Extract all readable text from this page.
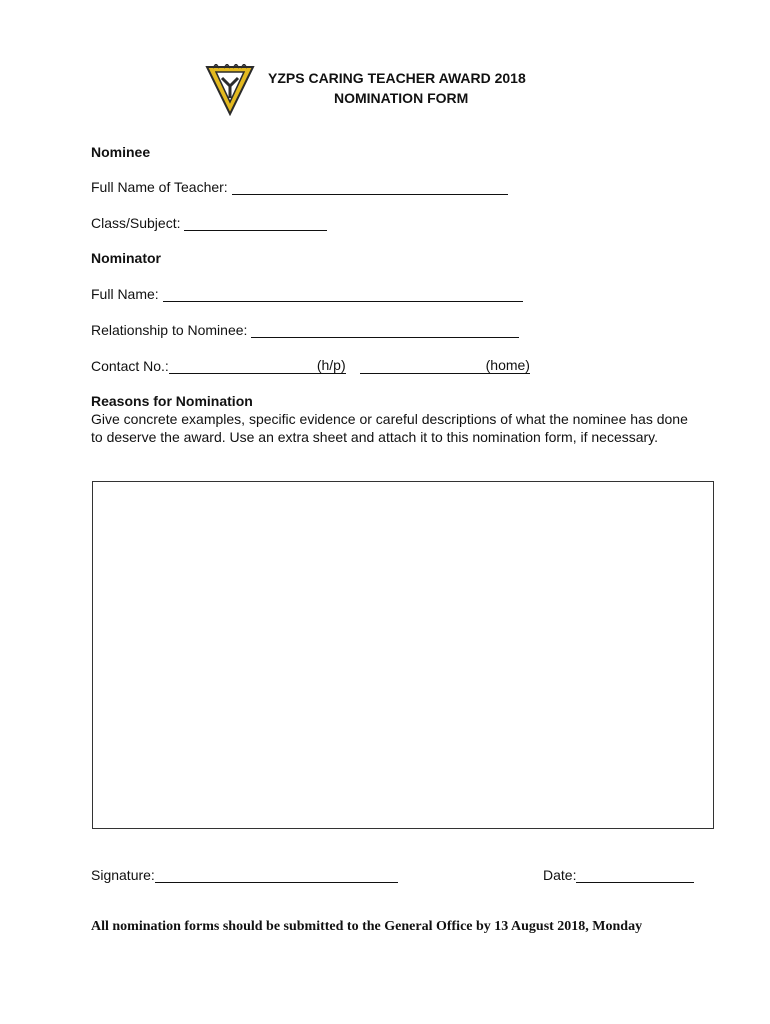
YZPS CARING TEACHER AWARD 2018
NOMINATION FORM
Nominee
Full Name of Teacher:
Class/Subject:
Nominator
Full Name:
Relationship to Nominee:
Contact No.:	(h/p)	(home)
Reasons for Nomination
Give concrete examples, specific evidence or careful descriptions of what the nominee has done to deserve the award. Use an extra sheet and attach it to this nomination form, if necessary.
Signature:	Date:
All nomination forms should be submitted to the General Office by 13 August 2018, Monday
